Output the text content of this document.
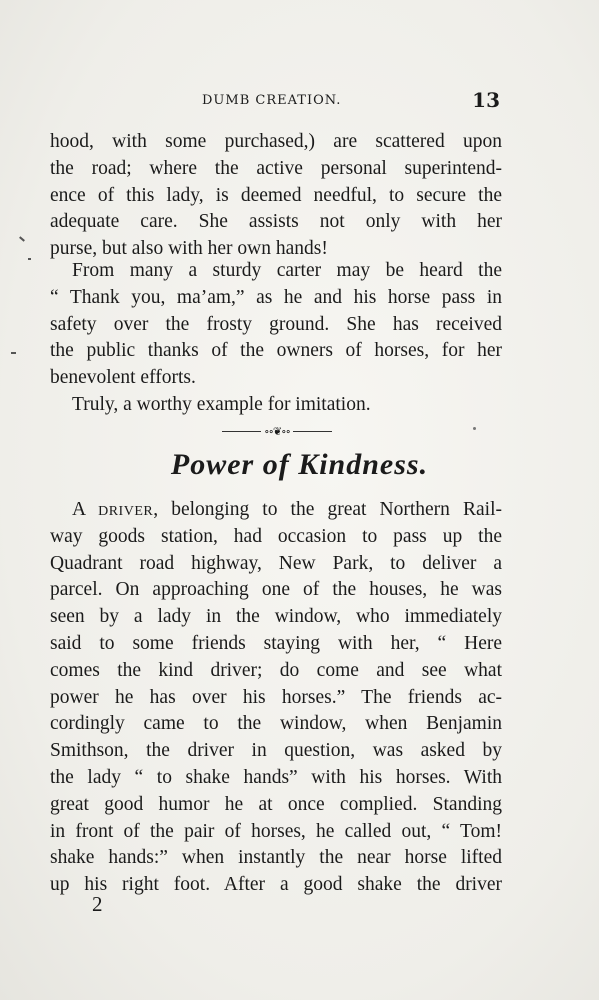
DUMB CREATION.	13
hood, with some purchased,) are scattered upon
the road; where the active personal superintend-
ence of this lady, is deemed needful, to secure the
adequate care. She assists not only with her
purse, but also with her own hands!
From many a sturdy carter may be heard the
“ Thank you, ma’am,” as he and his horse pass in
safety over the frosty ground. She has received
the public thanks of the owners of horses, for her
benevolent efforts.
Truly, a worthy example for imitation.
∘∘❦∘∘
Power of Kindness.
A driver, belonging to the great Northern Rail-
way goods station, had occasion to pass up the
Quadrant road highway, New Park, to deliver a
parcel. On approaching one of the houses, he was
seen by a lady in the window, who immediately
said to some friends staying with her, “ Here
comes the kind driver; do come and see what
power he has over his horses.” The friends ac-
cordingly came to the window, when Benjamin
Smithson, the driver in question, was asked by
the lady “ to shake hands” with his horses. With
great good humor he at once complied. Standing
in front of the pair of horses, he called out, “ Tom!
shake hands:” when instantly the near horse lifted
up his right foot. After a good shake the driver
2
